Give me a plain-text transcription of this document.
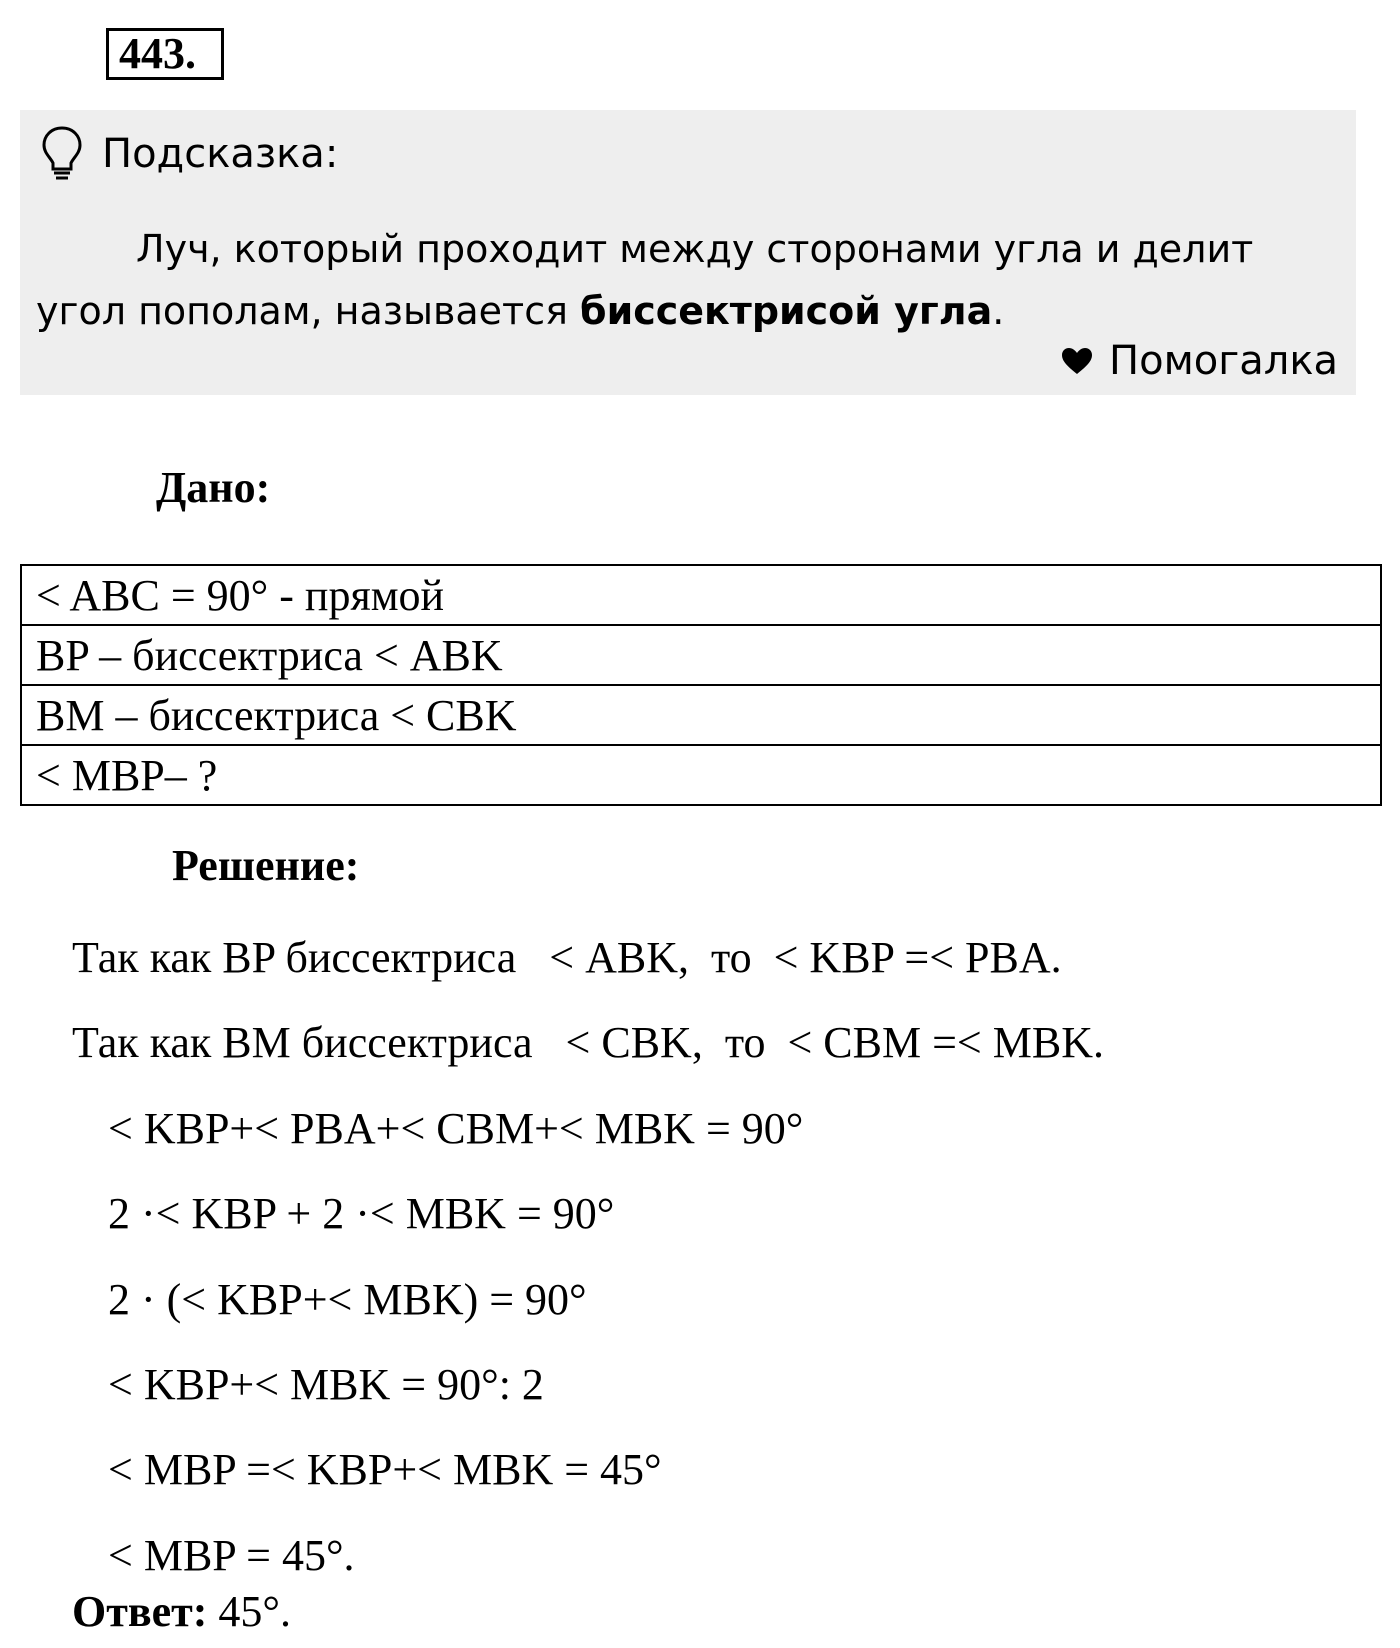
443.
Подсказка:
Луч, который проходит между сторонами угла и делит
угол пополам, называется биссектрисой угла.
Помогалка
Дано:
< ABC = 90° - прямой
BP – биссектриса < ABK
BM – биссектриса < CBK
< MBP– ?
Решение:
Так как BP биссектриса   < ABK,  то  < KBP =< PBA.
Так как BM биссектриса   < CBK,  то  < CBM =< MBK.
< KBP+< PBA+< CBM+< MBK = 90°
2 ·< KBP + 2 ·< MBK = 90°
2 · (< KBP+< MBK) = 90°
< KBP+< MBK = 90°: 2
< MBP =< KBP+< MBK = 45°
< MBP = 45°.
Ответ: 45°.
